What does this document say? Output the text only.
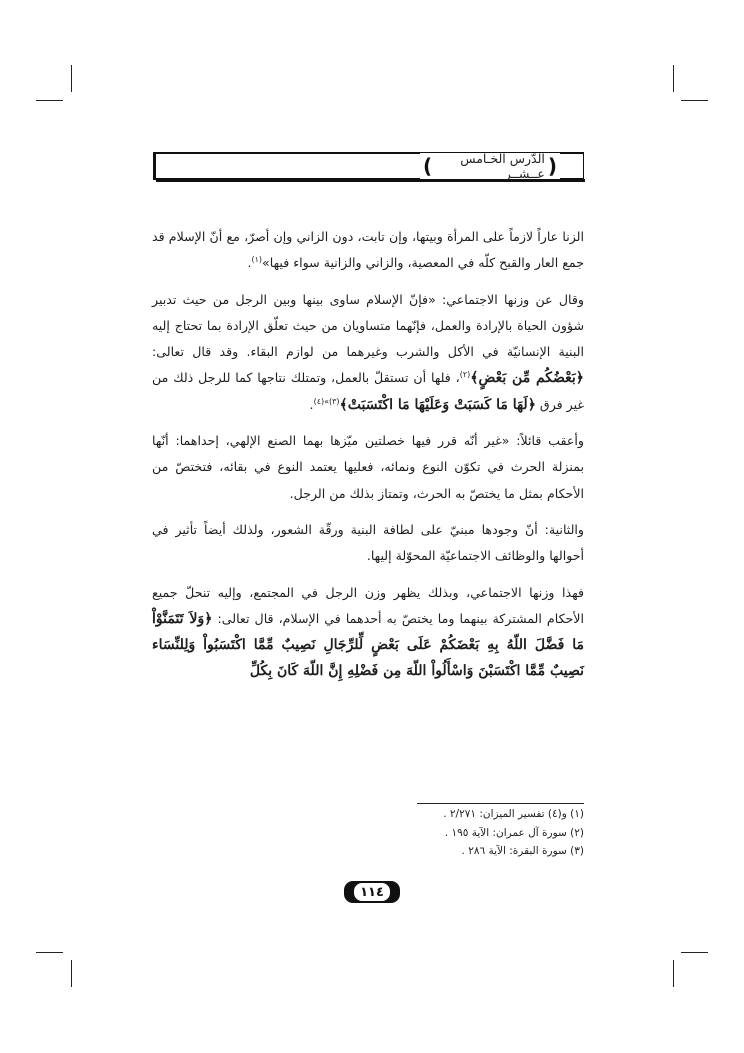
(
الدّرس الخـامس عــشــر
)

الزنا عاراً لازماً على المرأة وبيتها، وإن تابت، دون الزاني وإن أصرّ، مع أنّ الإسلام قد جمع العار والقبح كلّه في المعصية، والزاني والزانية سواء فيها»$^{(١)}$.

وقال عن وزنها الاجتماعي: «فإنّ الإسلام ساوى بينها وبين الرجل من حيث تدبير شؤون الحياة بالإرادة والعمل، فإنّهما متساويان من حيث تعلّق الإرادة بما تحتاج إليه البنية الإنسانيّة في الأكل والشرب وغيرهما من لوازم البقاء. وقد قال تعالى: ﴿بَعْضُكُم مِّن بَعْضٍ﴾$^{(٢)}$، فلها أن تستقلّ بالعمل، وتمتلك نتاجها كما للرجل ذلك من غير فرق ﴿لَهَا مَا كَسَبَتْ وَعَلَيْهَا مَا اكْتَسَبَتْ﴾$^{(٣)»(٤)}$.

وأعقب قائلاً: «غير أنّه قرر فيها خصلتين ميّزها بهما الصنع الإلهي، إحداهما: أنّها بمنزلة الحرث في تكوّن النوع ونمائه، فعليها يعتمد النوع في بقائه، فتختصّ من الأحكام بمثل ما يختصّ به الحرث، وتمتاز بذلك من الرجل.

والثانية: أنّ وجودها مبنيّ على لطافة البنية ورقّة الشعور، ولذلك أيضاً تأثير في أحوالها والوظائف الاجتماعيّة المحوّلة إليها.

فهذا وزنها الاجتماعي، وبذلك يظهر وزن الرجل في المجتمع، وإليه تنحلّ جميع الأحكام المشتركة بينهما وما يختصّ به أحدهما في الإسلام، قال تعالى: ﴿وَلاَ تَتَمَنَّوْاْ مَا فَضَّلَ اللّهُ بِهِ بَعْضَكُمْ عَلَى بَعْضٍ لِّلرِّجَالِ نَصِيبٌ مِّمَّا اكْتَسَبُواْ وَلِلنِّسَاء نَصِيبٌ مِّمَّا اكْتَسَبْنَ وَاسْأَلُواْ اللّهَ مِن فَضْلِهِ إِنَّ اللّهَ كَانَ بِكُلِّ

(١) و(٤) تفسير الميزان: ٢/٢٧١ .
(٢) سورة آل عمران: الآية ١٩٥ .
(٣) سورة البقرة: الآية ٢٨٦ .
١١٤
